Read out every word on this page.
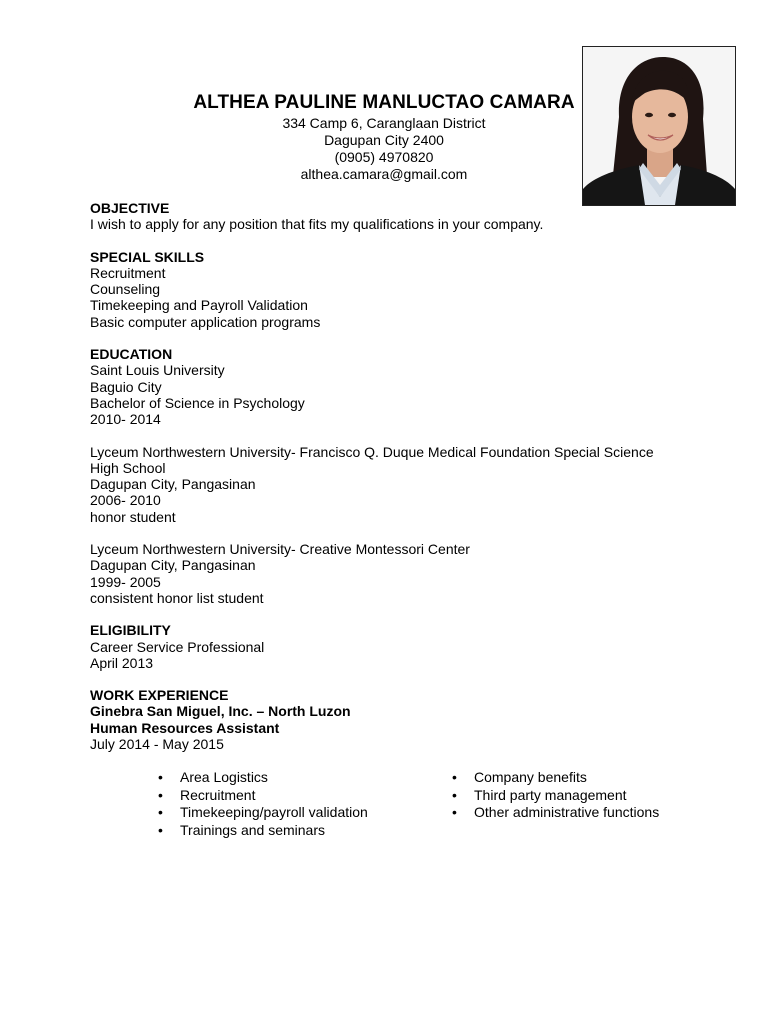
ALTHEA PAULINE MANLUCTAO CAMARA
334 Camp 6, Caranglaan District
Dagupan City 2400
(0905) 4970820
althea.camara@gmail.com
OBJECTIVE
I wish to apply for any position that fits my qualifications in your company.
SPECIAL SKILLS
Recruitment
Counseling
Timekeeping and Payroll Validation
Basic computer application programs
EDUCATION
Saint Louis University
Baguio City
Bachelor of Science in Psychology
2010- 2014
Lyceum Northwestern University- Francisco Q. Duque Medical Foundation Special Science
High School
Dagupan City, Pangasinan
2006- 2010
honor student
Lyceum Northwestern University- Creative Montessori Center
Dagupan City, Pangasinan
1999- 2005
consistent honor list student
ELIGIBILITY
Career Service Professional
April 2013
WORK EXPERIENCE
Ginebra San Miguel, Inc. – North Luzon
Human Resources Assistant
July 2014 - May 2015
• Area Logistics
• Recruitment
• Timekeeping/payroll validation
• Trainings and seminars
• Company benefits
• Third party management
• Other administrative functions
